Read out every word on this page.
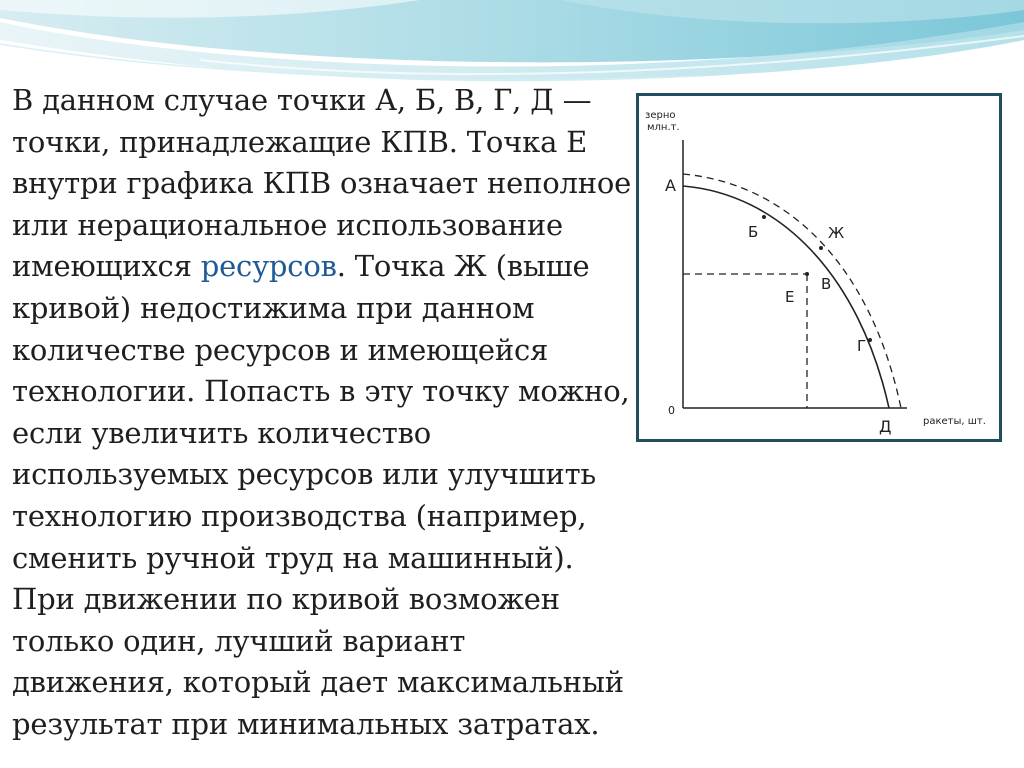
В данном случае точки А, Б, В, Г, Д —
точки, принадлежащие КПВ. Точка Е
внутри графика КПВ означает неполное
или нерациональное использование
имеющихся ресурсов. Точка Ж (выше
кривой) недостижима при данном
количестве ресурсов и имеющейся
технологии. Попасть в эту точку можно,
если увеличить количество
используемых ресурсов или улучшить
технологию производства (например,
сменить ручной труд на машинный).
При движении по кривой возможен
только один, лучший вариант
движения, который дает максимальный
результат при минимальных затратах.

зерно
млн.т.
ракеты, шт.
0
А
Б	Ж
В
Е
Г
Д
